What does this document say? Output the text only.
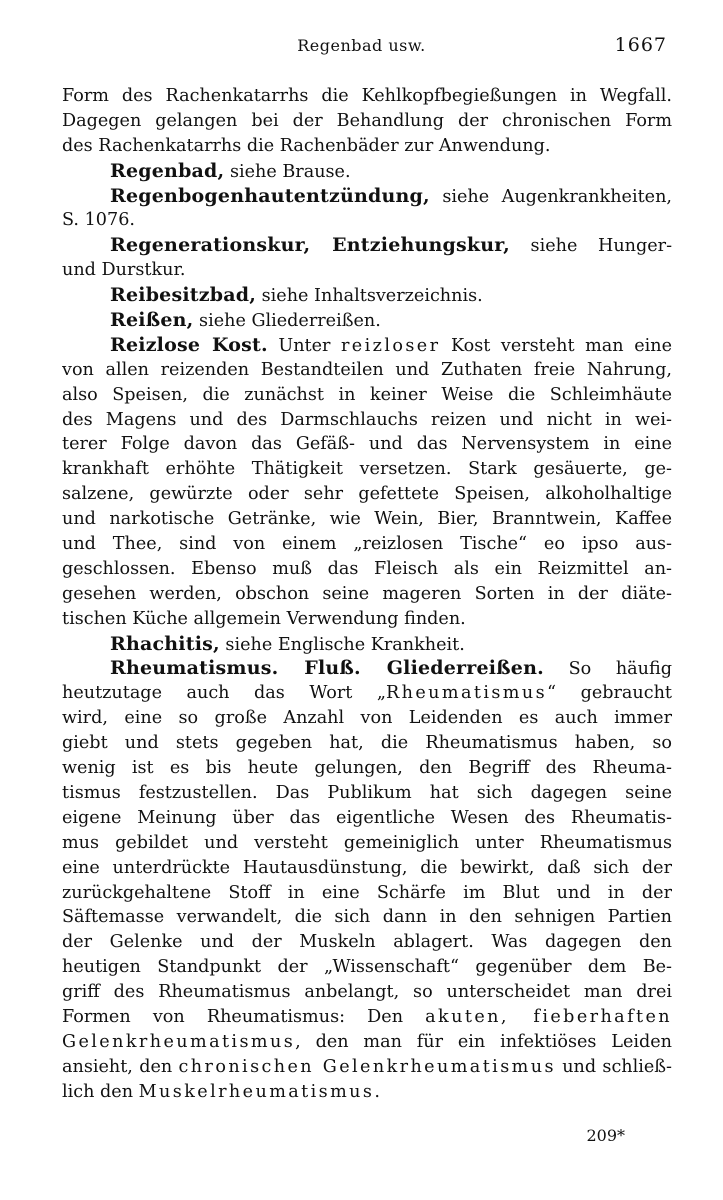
Regenbad usw.	1667
Form des Rachenkatarrhs die Kehlkopfbegießungen in Wegfall.
Dagegen gelangen bei der Behandlung der chronischen Form
des Rachenkatarrhs die Rachenbäder zur Anwendung.
Regenbad, siehe Brause.
Regenbogenhautentzündung, siehe Augenkrankheiten,
S. 1076.
Regenerationskur, Entziehungskur, siehe Hunger-
und Durstkur.
Reibesitzbad, siehe Inhaltsverzeichnis.
Reißen, siehe Gliederreißen.
Reizlose Kost. Unter reizloser Kost versteht man eine
von allen reizenden Bestandteilen und Zuthaten freie Nahrung,
also Speisen, die zunächst in keiner Weise die Schleimhäute
des Magens und des Darmschlauchs reizen und nicht in wei-
terer Folge davon das Gefäß- und das Nervensystem in eine
krankhaft erhöhte Thätigkeit versetzen. Stark gesäuerte, ge-
salzene, gewürzte oder sehr gefettete Speisen, alkoholhaltige
und narkotische Getränke, wie Wein, Bier, Branntwein, Kaffee
und Thee, sind von einem „reizlosen Tische“ eo ipso aus-
geschlossen. Ebenso muß das Fleisch als ein Reizmittel an-
gesehen werden, obschon seine mageren Sorten in der diäte-
tischen Küche allgemein Verwendung finden.
Rhachitis, siehe Englische Krankheit.
Rheumatismus. Fluß. Gliederreißen. So häufig
heutzutage auch das Wort „Rheumatismus“ gebraucht
wird, eine so große Anzahl von Leidenden es auch immer
giebt und stets gegeben hat, die Rheumatismus haben, so
wenig ist es bis heute gelungen, den Begriff des Rheuma-
tismus festzustellen. Das Publikum hat sich dagegen seine
eigene Meinung über das eigentliche Wesen des Rheumatis-
mus gebildet und versteht gemeiniglich unter Rheumatismus
eine unterdrückte Hautausdünstung, die bewirkt, daß sich der
zurückgehaltene Stoff in eine Schärfe im Blut und in der
Säftemasse verwandelt, die sich dann in den sehnigen Partien
der Gelenke und der Muskeln ablagert. Was dagegen den
heutigen Standpunkt der „Wissenschaft“ gegenüber dem Be-
griff des Rheumatismus anbelangt, so unterscheidet man drei
Formen von Rheumatismus: Den akuten, fieberhaften
Gelenkrheumatismus, den man für ein infektiöses Leiden
ansieht, den chronischen Gelenkrheumatismus und schließ-
lich den Muskelrheumatismus.
209*
